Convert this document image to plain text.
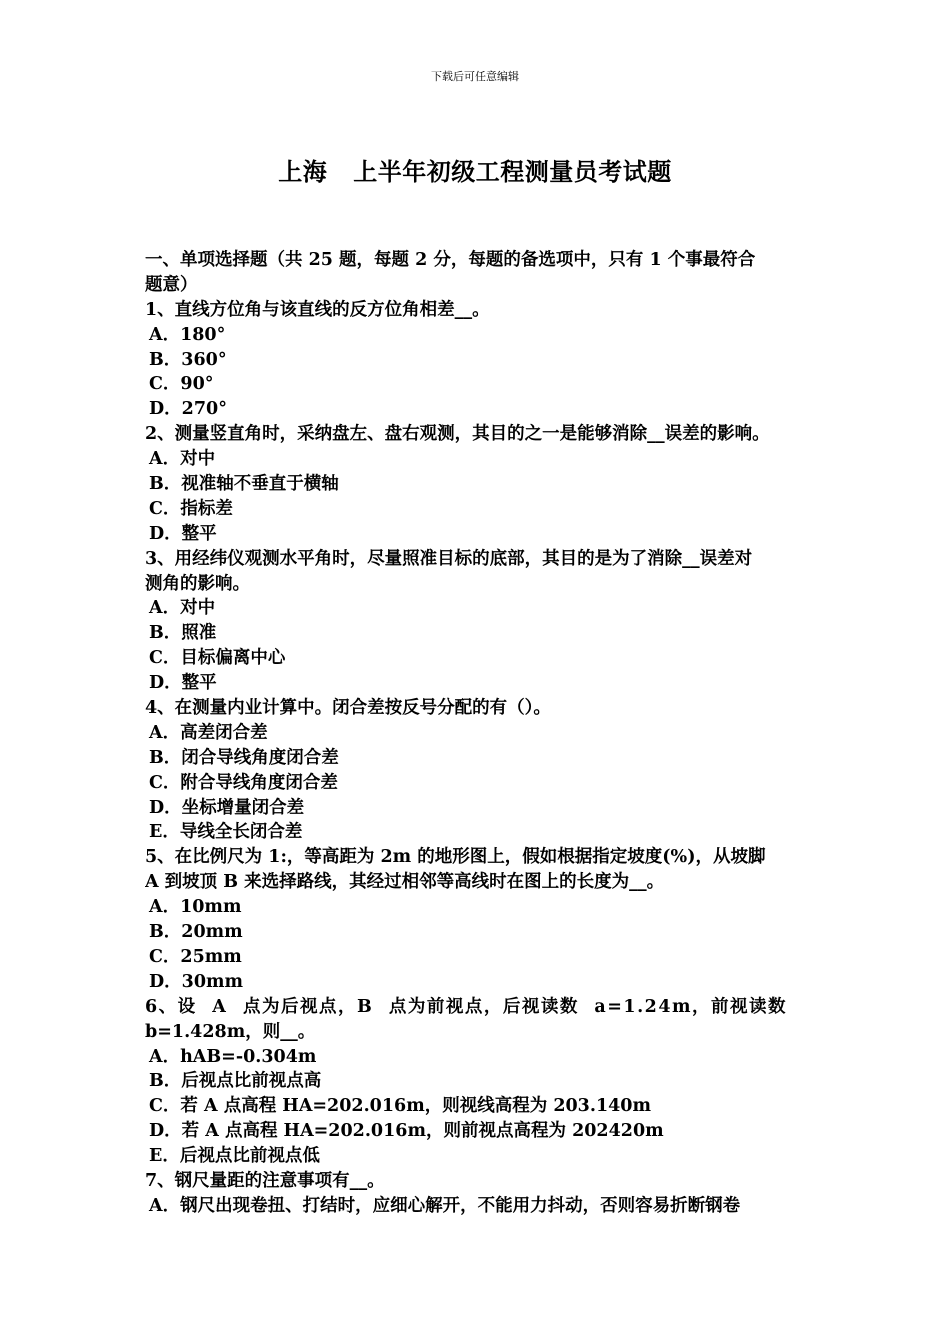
下载后可任意编辑
上海 上半年初级工程测量员考试题
一、单项选择题（共 25 题，每题 2 分，每题的备选项中，只有 1 个事最符合
题意）
1、直线方位角与该直线的反方位角相差__。
A．180°
B．360°
C．90°
D．270°
2、测量竖直角时，采纳盘左、盘右观测，其目的之一是能够消除__误差的影响。
A．对中
B．视准轴不垂直于横轴
C．指标差
D．整平
3、用经纬仪观测水平角时，尽量照准目标的底部，其目的是为了消除__误差对
测角的影响。
A．对中
B．照准
C．目标偏离中心
D．整平
4、在测量内业计算中。闭合差按反号分配的有（）。
A．高差闭合差
B．闭合导线角度闭合差
C．附合导线角度闭合差
D．坐标增量闭合差
E．导线全长闭合差
5、在比例尺为 1:，等高距为 2m 的地形图上，假如根据指定坡度(%)，从坡脚
A 到坡顶 B 来选择路线，其经过相邻等高线时在图上的长度为__。
A．10mm
B．20mm
C．25mm
D．30mm
6、设 A 点为后视点，B 点为前视点，后视读数 a=1.24m，前视读数
b=1.428m，则__。
A．hAB=-0.304m
B．后视点比前视点高
C．若 A 点高程 HA=202.016m，则视线高程为 203.140m
D．若 A 点高程 HA=202.016m，则前视点高程为 202420m
E．后视点比前视点低
7、钢尺量距的注意事项有__。
A．钢尺出现卷扭、打结时，应细心解开，不能用力抖动，否则容易折断钢卷
